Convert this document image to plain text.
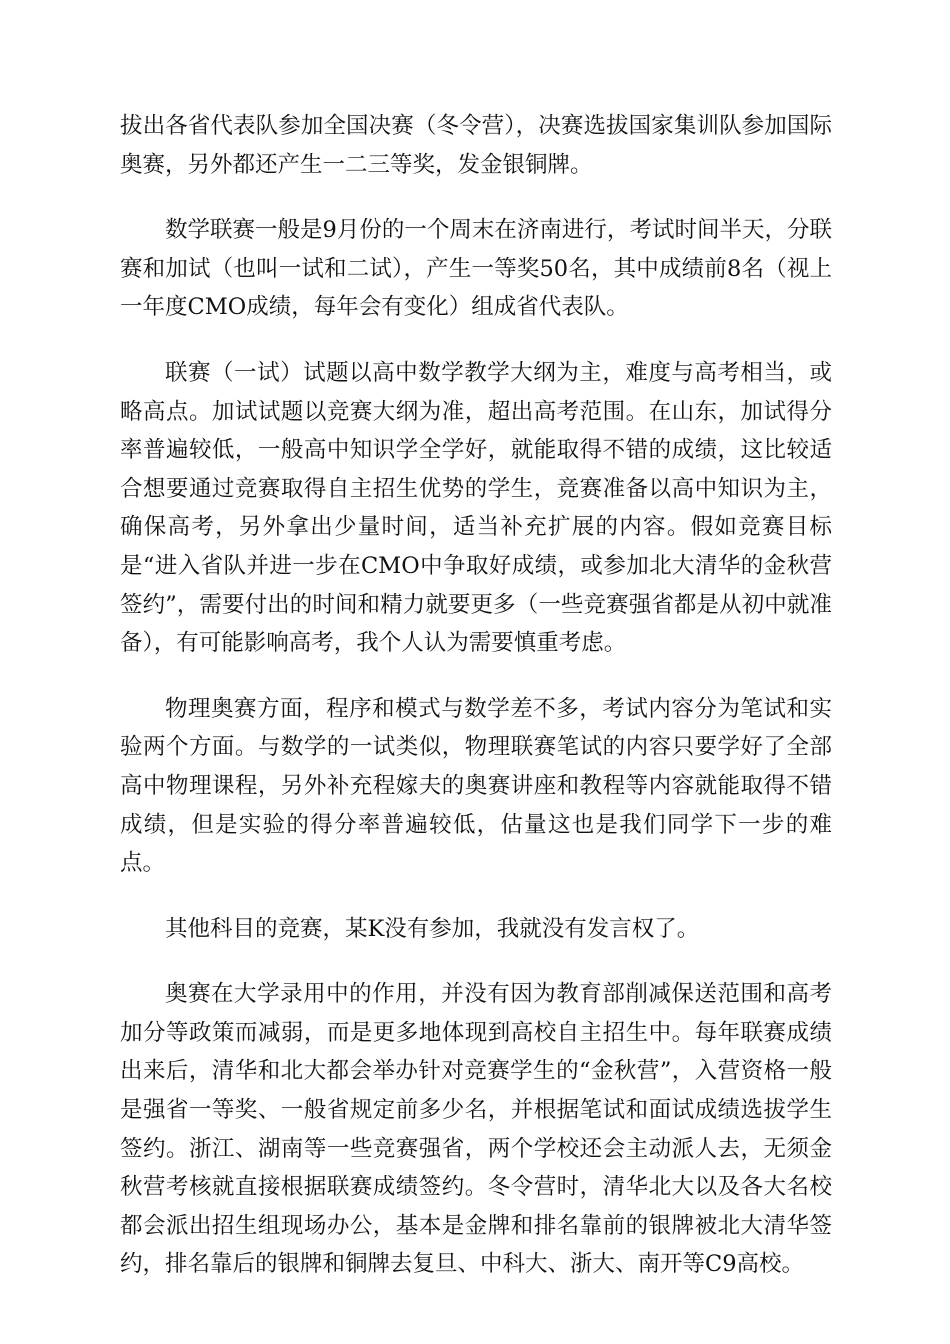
拔出各省代表队参加全国决赛（冬令营），决赛选拔国家集训队参加国际奥赛，另外都还产生一二三等奖，发金银铜牌。

数学联赛一般是9月份的一个周末在济南进行，考试时间半天，分联赛和加试（也叫一试和二试），产生一等奖50名，其中成绩前8名（视上一年度CMO成绩，每年会有变化）组成省代表队。

联赛（一试）试题以高中数学教学大纲为主，难度与高考相当，或略高点。加试试题以竞赛大纲为准，超出高考范围。在山东，加试得分率普遍较低，一般高中知识学全学好，就能取得不错的成绩，这比较适合想要通过竞赛取得自主招生优势的学生，竞赛准备以高中知识为主，确保高考，另外拿出少量时间，适当补充扩展的内容。假如竞赛目标是“进入省队并进一步在CMO中争取好成绩，或参加北大清华的金秋营签约”，需要付出的时间和精力就要更多（一些竞赛强省都是从初中就准备），有可能影响高考，我个人认为需要慎重考虑。

物理奥赛方面，程序和模式与数学差不多，考试内容分为笔试和实验两个方面。与数学的一试类似，物理联赛笔试的内容只要学好了全部高中物理课程，另外补充程嫁夫的奥赛讲座和教程等内容就能取得不错成绩，但是实验的得分率普遍较低，估量这也是我们同学下一步的难点。

其他科目的竞赛，某K没有参加，我就没有发言权了。

奥赛在大学录用中的作用，并没有因为教育部削减保送范围和高考加分等政策而减弱，而是更多地体现到高校自主招生中。每年联赛成绩出来后，清华和北大都会举办针对竞赛学生的“金秋营”，入营资格一般是强省一等奖、一般省规定前多少名，并根据笔试和面试成绩选拔学生签约。浙江、湖南等一些竞赛强省，两个学校还会主动派人去，无须金秋营考核就直接根据联赛成绩签约。冬令营时，清华北大以及各大名校都会派出招生组现场办公，基本是金牌和排名靠前的银牌被北大清华签约，排名靠后的银牌和铜牌去复旦、中科大、浙大、南开等C9高校。
